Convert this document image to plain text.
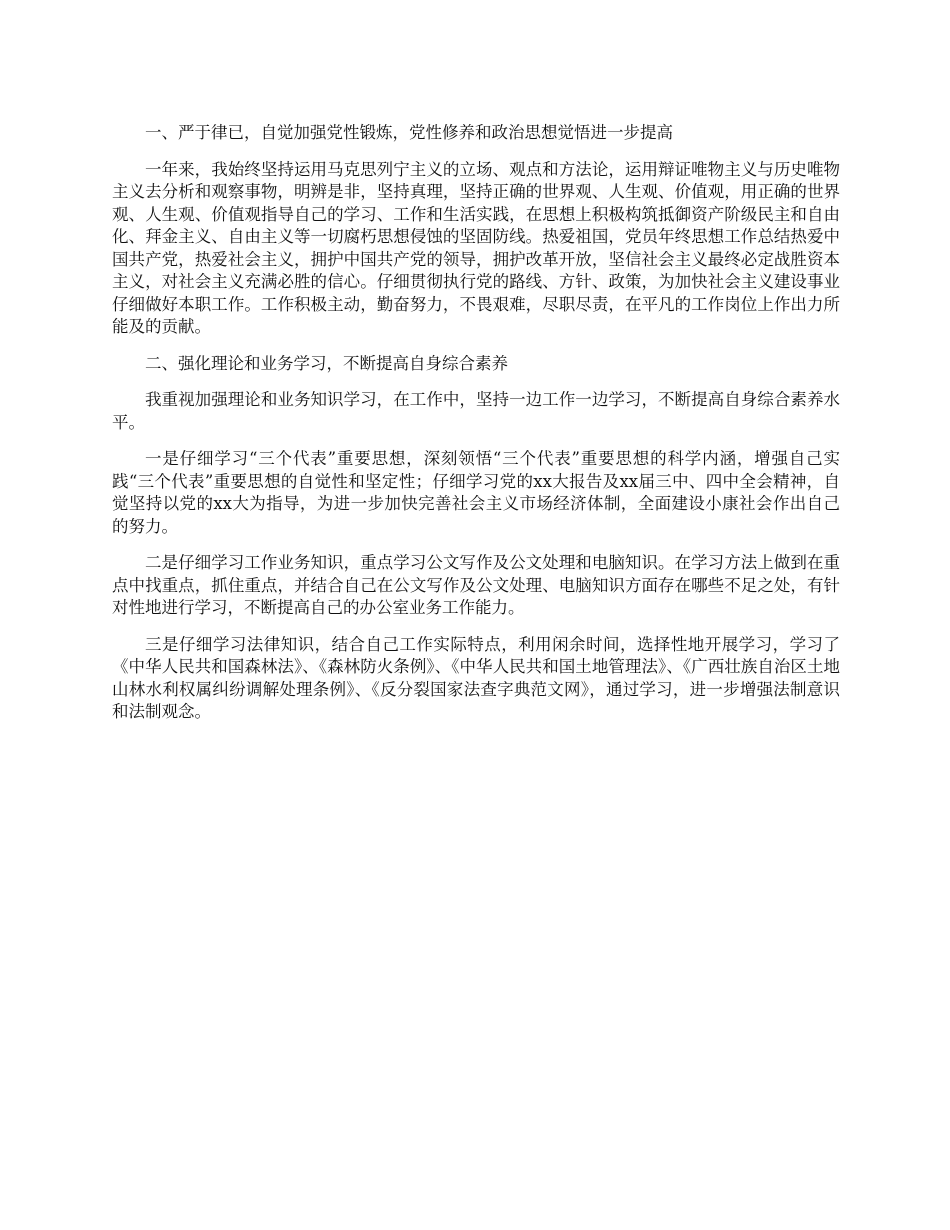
一、严于律已，自觉加强党性锻炼，党性修养和政治思想觉悟进一步提高

一年来，我始终坚持运用马克思列宁主义的立场、观点和方法论，运用辩证唯物主义与历史唯物主义去分析和观察事物，明辨是非，坚持真理，坚持正确的世界观、人生观、价值观，用正确的世界观、人生观、价值观指导自己的学习、工作和生活实践，在思想上积极构筑抵御资产阶级民主和自由化、拜金主义、自由主义等一切腐朽思想侵蚀的坚固防线。热爱祖国，党员年终思想工作总结热爱中国共产党，热爱社会主义，拥护中国共产党的领导，拥护改革开放，坚信社会主义最终必定战胜资本主义，对社会主义充满必胜的信心。仔细贯彻执行党的路线、方针、政策，为加快社会主义建设事业仔细做好本职工作。工作积极主动，勤奋努力，不畏艰难，尽职尽责，在平凡的工作岗位上作出力所能及的贡献。

二、强化理论和业务学习，不断提高自身综合素养

我重视加强理论和业务知识学习，在工作中，坚持一边工作一边学习，不断提高自身综合素养水平。

一是仔细学习“三个代表”重要思想，深刻领悟“三个代表”重要思想的科学内涵，增强自己实践“三个代表”重要思想的自觉性和坚定性；仔细学习党的xx大报告及xx届三中、四中全会精神，自觉坚持以党的xx大为指导，为进一步加快完善社会主义市场经济体制，全面建设小康社会作出自己的努力。

二是仔细学习工作业务知识，重点学习公文写作及公文处理和电脑知识。在学习方法上做到在重点中找重点，抓住重点，并结合自己在公文写作及公文处理、电脑知识方面存在哪些不足之处，有针对性地进行学习，不断提高自己的办公室业务工作能力。

三是仔细学习法律知识，结合自己工作实际特点，利用闲余时间，选择性地开展学习，学习了《中华人民共和国森林法》、《森林防火条例》、《中华人民共和国土地管理法》、《广西壮族自治区土地山林水利权属纠纷调解处理条例》、《反分裂国家法查字典范文网》，通过学习，进一步增强法制意识和法制观念。
